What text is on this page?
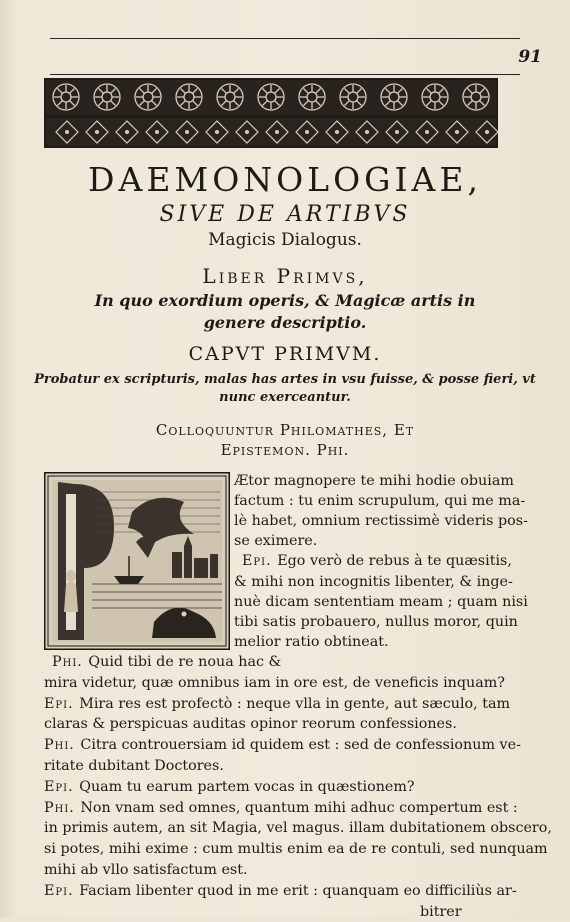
91
DAEMONOLOGIAE,
SIVE DE ARTIBVS
Magicis Dialogus.
Liber Primvs,
In quo exordium operis, & Magicæ artis in
genere descriptio.
CAPVT PRIMVM.
Probatur ex scripturis, malas has artes in vsu fuisse, & posse fieri, vt
nunc exerceantur.
Colloquuntur Philomathes, Et
Epistemon. Phi.
Ætor magnopere te mihi hodie obuiam
factum : tu enim scrupulum, qui me ma-
lè habet, omnium rectissimè videris pos-
se eximere.
Epi. Ego verò de rebus à te quæsitis,
& mihi non incognitis libenter, & inge-
nuè dicam sententiam meam ; quam nisi
tibi satis probauero, nullus moror, quin
melior ratio obtineat.
Phi. Quid tibi de re noua hac &
mira videtur, quæ omnibus iam in ore est, de veneficis inquam?
Epi. Mira res est profectò : neque vlla in gente, aut sæculo, tam
claras & perspicuas auditas opinor reorum confessiones.
Phi. Citra controuersiam id quidem est : sed de confessionum ve-
ritate dubitant Doctores.
Epi. Quam tu earum partem vocas in quæstionem?
Phi. Non vnam sed omnes, quantum mihi adhuc compertum est :
in primis autem, an sit Magia, vel magus. illam dubitationem obscero,
si potes, mihi exime : cum multis enim ea de re contuli, sed nunquam
mihi ab vllo satisfactum est.
Epi. Faciam libenter quod in me erit : quanquam eo difficiliùs ar-
bitrer
